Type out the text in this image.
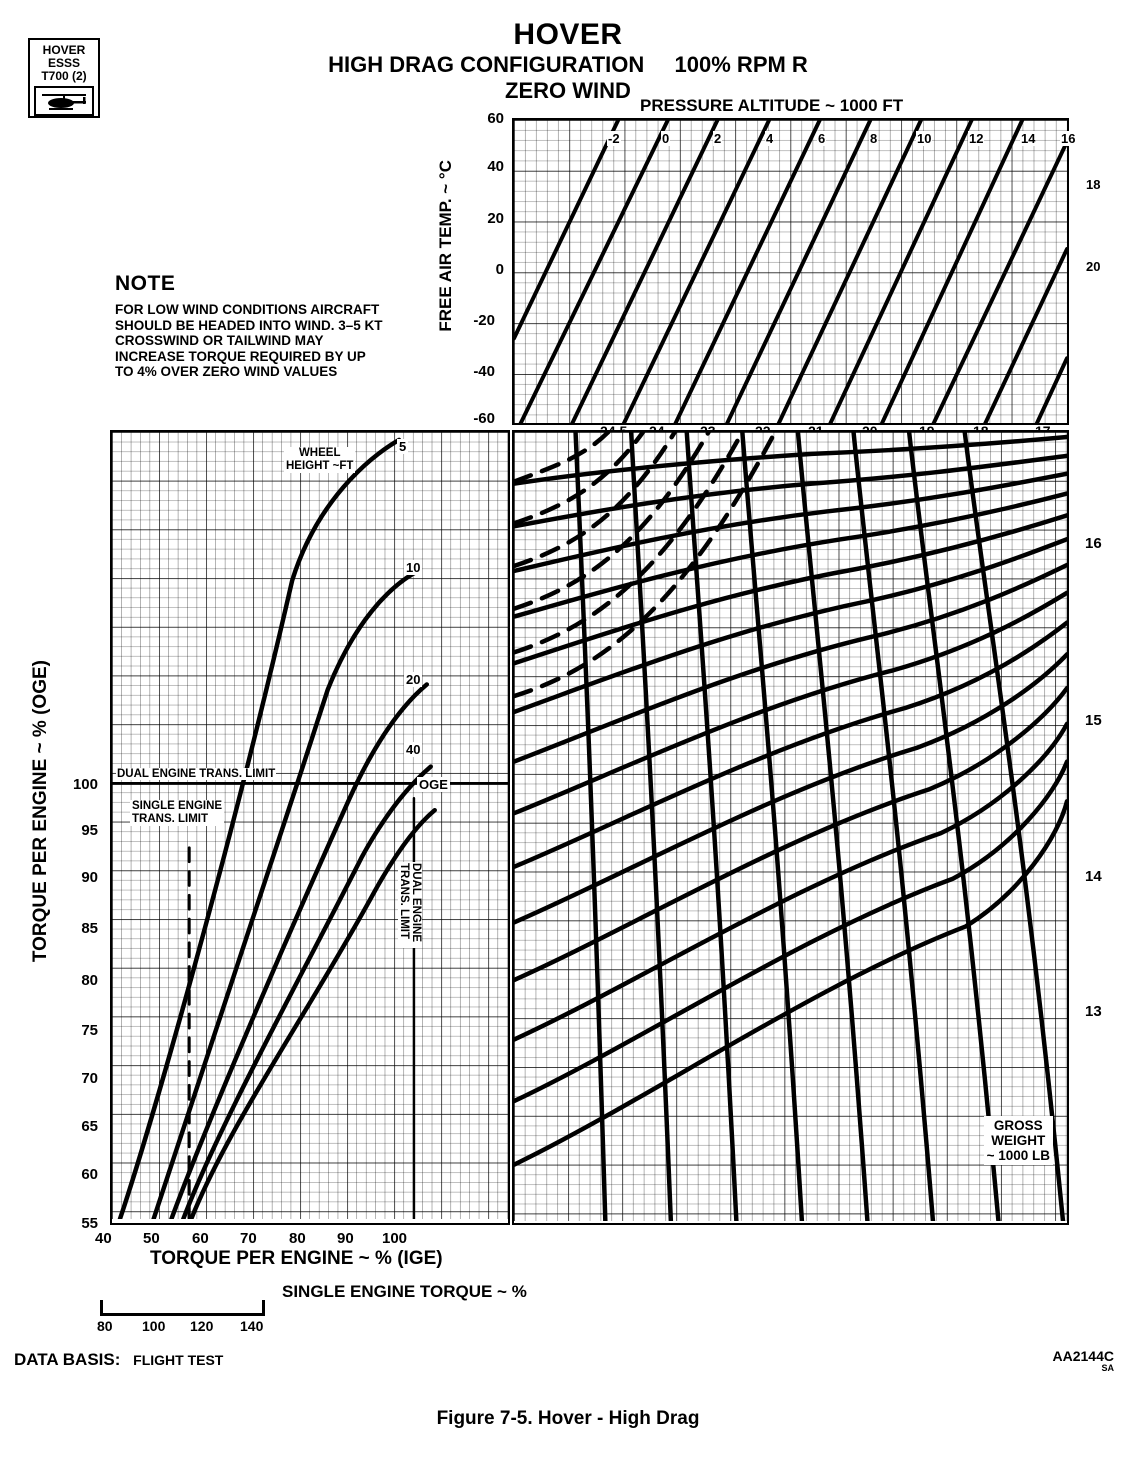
HOVER
ESSS
T700 (2)
HOVER
HIGH DRAG CONFIGURATION 100% RPM R
ZERO WIND
NOTE
FOR LOW WIND CONDITIONS AIRCRAFT SHOULD BE HEADED INTO WIND. 3–5 KT CROSSWIND OR TAILWIND MAY INCREASE TORQUE REQUIRED BY UP TO 4% OVER ZERO WIND VALUES
PRESSURE ALTITUDE ~ 1000 FT
FREE AIR TEMP. ~ °C
60
40
20
0
-20
-40
-60
-2	0	2	4	6	8	10	12	14 16
18
20
WHEEL
HEIGHT ~FT
5
10
20
40
OGE
DUAL ENGINE TRANS. LIMIT
SINGLE ENGINE
TRANS. LIMIT
DUAL ENGINE TRANS. LIMIT
100
95
90
85
80
75
70
65
60
55
40 50 60 70 80 90 100
TORQUE PER ENGINE ~ % (OGE)
TORQUE PER ENGINE ~ % (IGE)
GROSS
WEIGHT
~ 1000 LB
16
15
14
13
SINGLE ENGINE TORQUE ~ %
80 100 120 140
DATA BASIS: FLIGHT TEST	AA2144C
SA
Figure 7-5. Hover - High Drag
